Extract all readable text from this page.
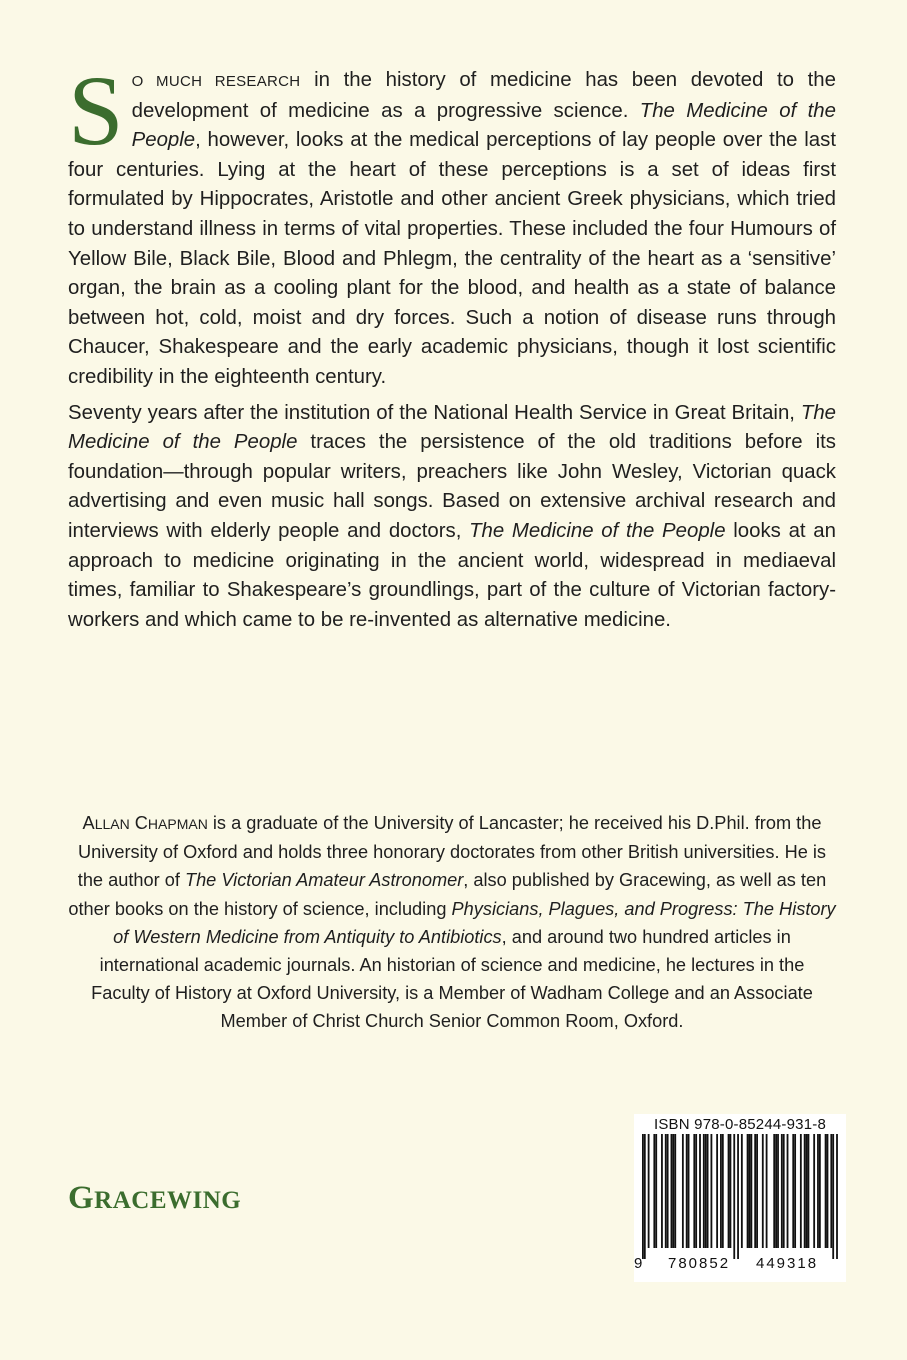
S O MUCH RESEARCH in the history of medicine has been devoted to the development of medicine as a progressive science. The Medicine of the People, however, looks at the medical perceptions of lay people over the last four centuries. Lying at the heart of these perceptions is a set of ideas first formulated by Hippocrates, Aristotle and other ancient Greek physicians, which tried to understand illness in terms of vital properties. These included the four Humours of Yellow Bile, Black Bile, Blood and Phlegm, the centrality of the heart as a ‘sensitive’ organ, the brain as a cooling plant for the blood, and health as a state of balance between hot, cold, moist and dry forces. Such a notion of disease runs through Chaucer, Shakespeare and the early academic physicians, though it lost scientific credibility in the eighteenth century.

Seventy years after the institution of the National Health Service in Great Britain, The Medicine of the People traces the persistence of the old traditions before its foundation—through popular writers, preachers like John Wesley, Victorian quack advertising and even music hall songs. Based on extensive archival research and interviews with elderly people and doctors, The Medicine of the People looks at an approach to medicine originating in the ancient world, widespread in mediaeval times, familiar to Shakespeare’s groundlings, part of the culture of Victorian factory-workers and which came to be re-invented as alternative medicine.

ALLAN CHAPMAN is a graduate of the University of Lancaster; he received his D.Phil. from the University of Oxford and holds three honorary doctorates from other British universities. He is the author of The Victorian Amateur Astronomer, also published by Gracewing, as well as ten other books on the history of science, including Physicians, Plagues, and Progress: The History of Western Medicine from Antiquity to Antibiotics, and around two hundred articles in international academic journals. An historian of science and medicine, he lectures in the Faculty of History at Oxford University, is a Member of Wadham College and an Associate Member of Christ Church Senior Common Room, Oxford.
GRACEWING
ISBN 978-0-85244-931-8
9 780852 449318
